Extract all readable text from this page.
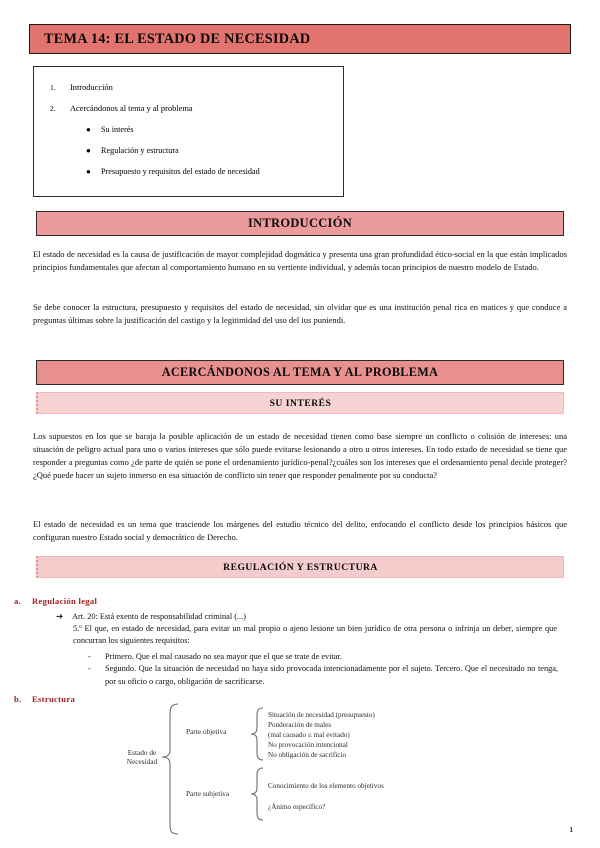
TEMA 14: EL ESTADO DE NECESIDAD
1.	Introducción
2.	Acercándonos al tema y al problema
●	Su interés
●	Regulación y estructura
●	Presupuesto y requisitos del estado de necesidad
INTRODUCCIÓN
El estado de necesidad es la causa de justificación de mayor complejidad dogmática y presenta una gran profundidad ético-social en la que están implicados principios fundamentales que afectan al comportamiento humano en su vertiente individual, y además tocan principios de nuestro modelo de Estado.
Se debe conocer la estructura, presupuesto y requisitos del estado de necesidad, sin olvidar que es una institución penal rica en matices y que conduce a preguntas últimas sobre la justificación del castigo y la legitimidad del uso del ius puniendi.
ACERCÁNDONOS AL TEMA Y AL PROBLEMA
SU INTERÉS
Los supuestos en los que se baraja la posible aplicación de un estado de necesidad tienen como base siempre un conflicto o colisión de intereses: una situación de peligro actual para uno o varios intereses que sólo puede evitarse lesionando a otro u otros intereses. En todo estado de necesidad se tiene que responder a preguntas como ¿de parte de quién se pone el ordenamiento jurídico-penal?¿cuáles son los intereses que el ordenamiento penal decide proteger?¿Qué puede hacer un sujeto inmerso en esa situación de conflicto sin tener que responder penalmente por su conducta?
El estado de necesidad es un tema que trasciende los márgenes del estudio técnico del delito, enfocando el conflicto desde los principios básicos que configuran nuestro Estado social y democrático de Derecho.
REGULACIÓN Y ESTRUCTURA
a. Regulación legal
➔ Art. 20: Está exento de responsabilidad criminal (...)
5.º El que, en estado de necesidad, para evitar un mal propio o ajeno lesione un bien jurídico de otra persona o infrinja un deber, siempre que concurran los siguientes requisitos:
-	Primero. Que el mal causado no sea mayor que el que se trate de evitar.
-	Segundo. Que la situación de necesidad no haya sido provocada intencionadamente por el sujeto. Tercero. Que el necesitado no tenga, por su oficio o cargo, obligación de sacrificarse.
b. Estructura
Estado de
Necesidad
Parte objetiva
Parte subjetiva
Situación de necesidad (presupuesto)
Ponderación de males
(mal causado ≤ mal evitado)
No provocación intencional
No obligación de sacrificio
Conocimiento de los elemento objetivos
¿Ánimo específico?
1
